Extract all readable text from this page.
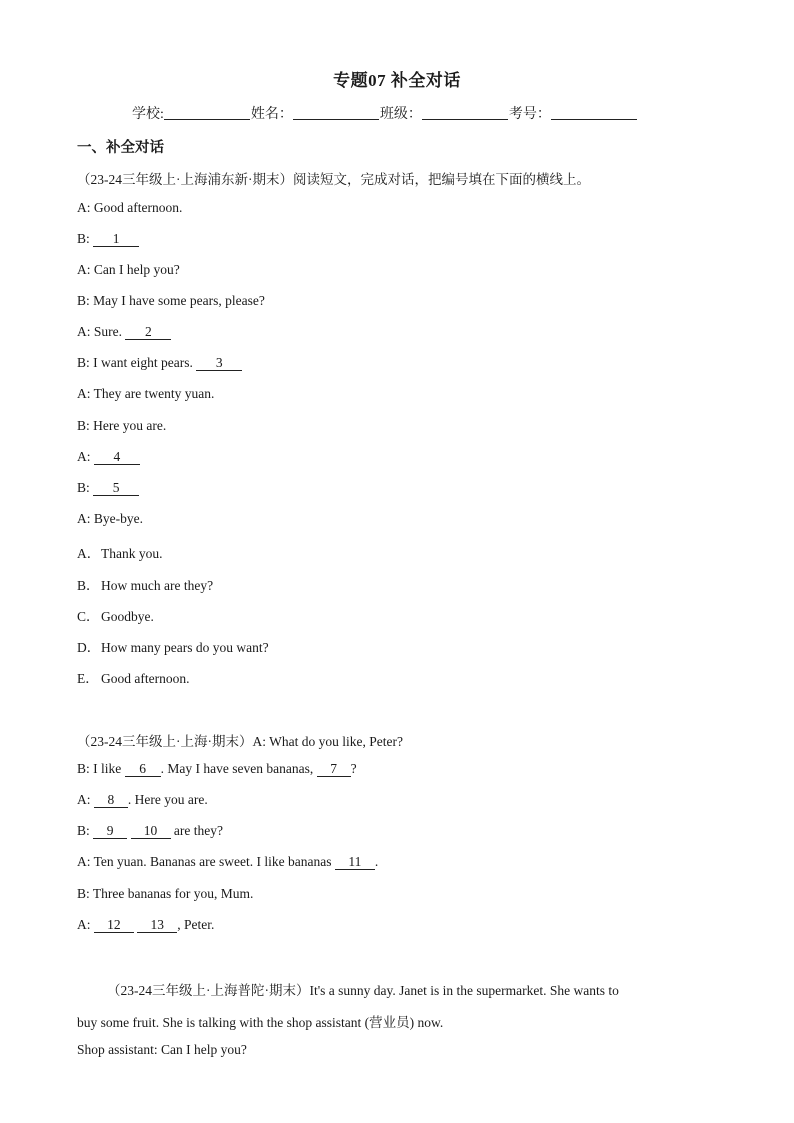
专题07 补全对话
学校:	姓名：	班级：	考号：
一、补全对话
（23-24三年级上·上海浦东新·期末）阅读短文，完成对话，把编号填在下面的横线上。
A: Good afternoon.
B: 1
A: Can I help you?
B: May I have some pears, please?
A: Sure. 2
B: I want eight pears. 3
A: They are twenty yuan.
B: Here you are.
A: 4
B: 5
A: Bye-bye.
A．Thank you.
B．How much are they?
C．Goodbye.
D．How many pears do you want?
E． Good afternoon.
（23-24三年级上·上海·期末）A: What do you like, Peter?
B: I like 6 . May I have seven bananas, 7 ?
A: 8 . Here you are.
B: 9 10 are they?
A: Ten yuan. Bananas are sweet. I like bananas 11 .
B: Three bananas for you, Mum.
A: 12 13 , Peter.
（23-24三年级上·上海普陀·期末）It's a sunny day. Janet is in the supermarket. She wants to
buy some fruit. She is talking with the shop assistant (营业员) now.
Shop assistant: Can I help you?
